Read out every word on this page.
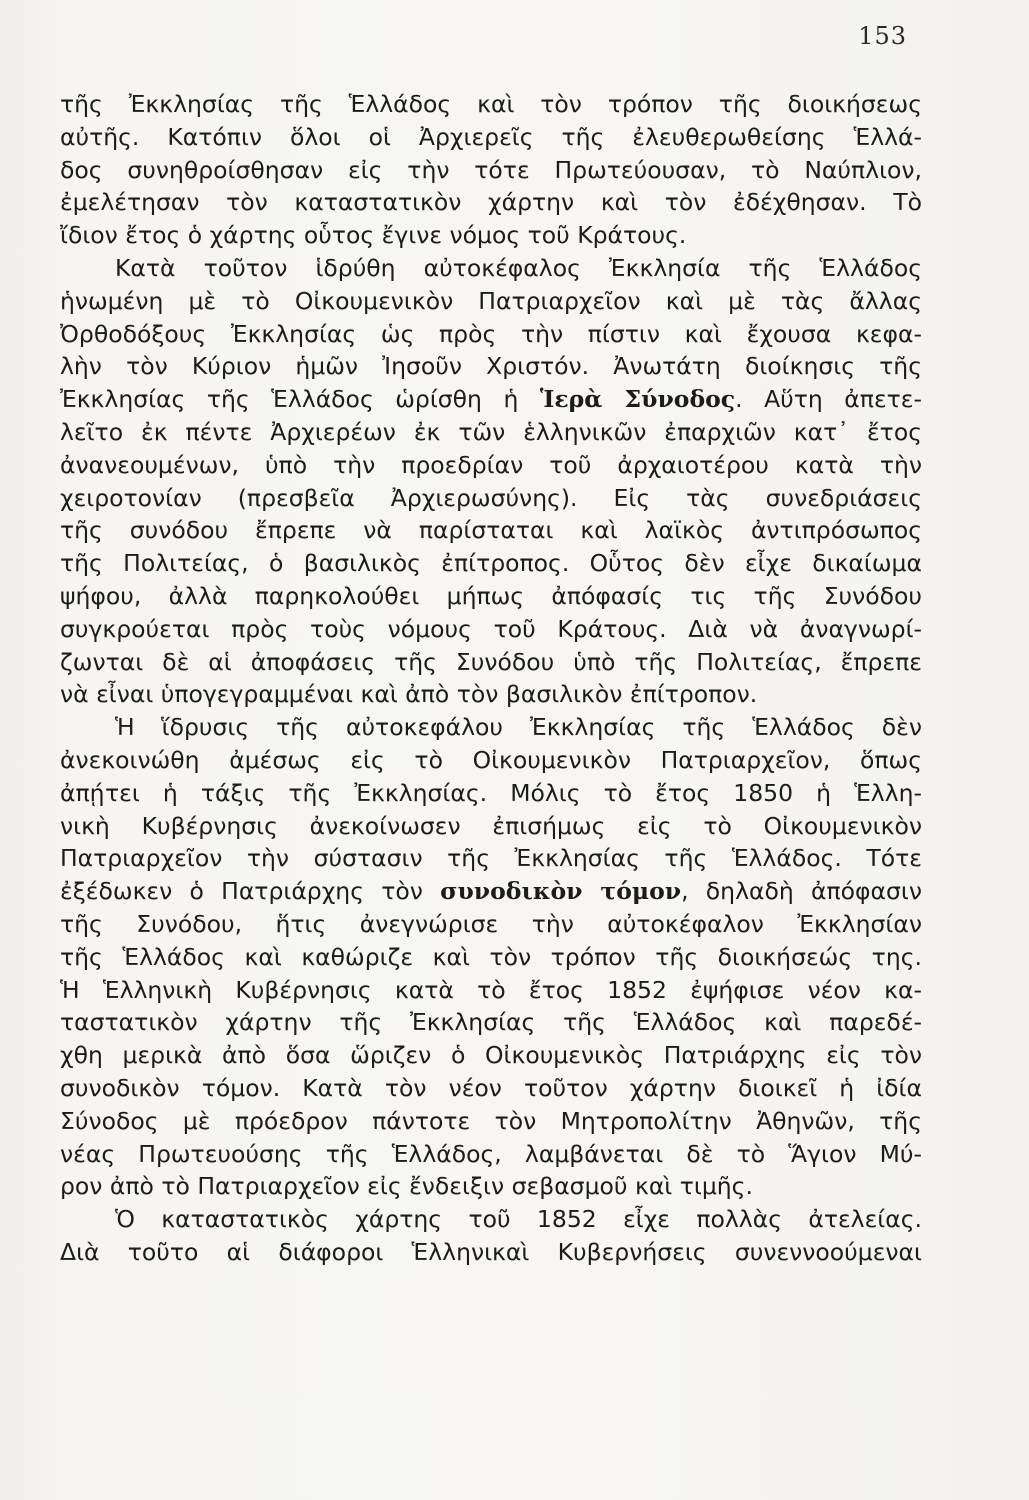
153
τῆς Ἐκκλησίας τῆς Ἑλλάδος καὶ τὸν τρόπον τῆς διοικήσεως
αὐτῆς. Κατόπιν ὅλοι οἱ Ἀρχιερεῖς τῆς ἐλευθερωθείσης Ἑλλά-
δος συνηθροίσθησαν εἰς τὴν τότε Πρωτεύουσαν, τὸ Ναύπλιον,
ἐμελέτησαν τὸν καταστατικὸν χάρτην καὶ τὸν ἐδέχθησαν. Τὸ
ἴδιον ἔτος ὁ χάρτης οὗτος ἔγινε νόμος τοῦ Κράτους.
Κατὰ τοῦτον ἱδρύθη αὐτοκέφαλος Ἐκκλησία τῆς Ἑλλάδος
ἡνωμένη μὲ τὸ Οἰκουμενικὸν Πατριαρχεῖον καὶ μὲ τὰς ἄλλας
Ὀρθοδόξους Ἐκκλησίας ὡς πρὸς τὴν πίστιν καὶ ἔχουσα κεφα-
λὴν τὸν Κύριον ἡμῶν Ἰησοῦν Χριστόν. Ἀνωτάτη διοίκησις τῆς
Ἐκκλησίας τῆς Ἑλλάδος ὡρίσθη ἡ Ἱερὰ Σύνοδος. Αὕτη ἀπετε-
λεῖτο ἐκ πέντε Ἀρχιερέων ἐκ τῶν ἑλληνικῶν ἐπαρχιῶν κατ᾽ ἔτος
ἀνανεουμένων, ὑπὸ τὴν προεδρίαν τοῦ ἀρχαιοτέρου κατὰ τὴν
χειροτονίαν (πρεσβεῖα Ἀρχιερωσύνης). Εἰς τὰς συνεδριάσεις
τῆς συνόδου ἔπρεπε νὰ παρίσταται καὶ λαϊκὸς ἀντιπρόσωπος
τῆς Πολιτείας, ὁ βασιλικὸς ἐπίτροπος. Οὗτος δὲν εἶχε δικαίωμα
ψήφου, ἀλλὰ παρηκολούθει μήπως ἀπόφασίς τις τῆς Συνόδου
συγκρούεται πρὸς τοὺς νόμους τοῦ Κράτους. Διὰ νὰ ἀναγνωρί-
ζωνται δὲ αἱ ἀποφάσεις τῆς Συνόδου ὑπὸ τῆς Πολιτείας, ἔπρεπε
νὰ εἶναι ὑπογεγραμμέναι καὶ ἀπὸ τὸν βασιλικὸν ἐπίτροπον.
Ἡ ἵδρυσις τῆς αὐτοκεφάλου Ἐκκλησίας τῆς Ἑλλάδος δὲν
ἀνεκοινώθη ἀμέσως εἰς τὸ Οἰκουμενικὸν Πατριαρχεῖον, ὅπως
ἀπῄτει ἡ τάξις τῆς Ἐκκλησίας. Μόλις τὸ ἔτος 1850 ἡ Ἑλλη-
νικὴ Κυβέρνησις ἀνεκοίνωσεν ἐπισήμως εἰς τὸ Οἰκουμενικὸν
Πατριαρχεῖον τὴν σύστασιν τῆς Ἐκκλησίας τῆς Ἑλλάδος. Τότε
ἐξέδωκεν ὁ Πατριάρχης τὸν συνοδικὸν τόμον, δηλαδὴ ἀπόφασιν
τῆς Συνόδου, ἥτις ἀνεγνώρισε τὴν αὐτοκέφαλον Ἐκκλησίαν
τῆς Ἑλλάδος καὶ καθώριζε καὶ τὸν τρόπον τῆς διοικήσεώς της.
Ἡ Ἑλληνικὴ Κυβέρνησις κατὰ τὸ ἔτος 1852 ἐψήφισε νέον κα-
ταστατικὸν χάρτην τῆς Ἐκκλησίας τῆς Ἑλλάδος καὶ παρεδέ-
χθη μερικὰ ἀπὸ ὅσα ὥριζεν ὁ Οἰκουμενικὸς Πατριάρχης εἰς τὸν
συνοδικὸν τόμον. Κατὰ τὸν νέον τοῦτον χάρτην διοικεῖ ἡ ἰδία
Σύνοδος μὲ πρόεδρον πάντοτε τὸν Μητροπολίτην Ἀθηνῶν, τῆς
νέας Πρωτευούσης τῆς Ἑλλάδος, λαμβάνεται δὲ τὸ Ἅγιον Μύ-
ρον ἀπὸ τὸ Πατριαρχεῖον εἰς ἔνδειξιν σεβασμοῦ καὶ τιμῆς.
Ὁ καταστατικὸς χάρτης τοῦ 1852 εἶχε πολλὰς ἀτελείας.
Διὰ τοῦτο αἱ διάφοροι Ἑλληνικαὶ Κυβερνήσεις συνεννοούμεναι
